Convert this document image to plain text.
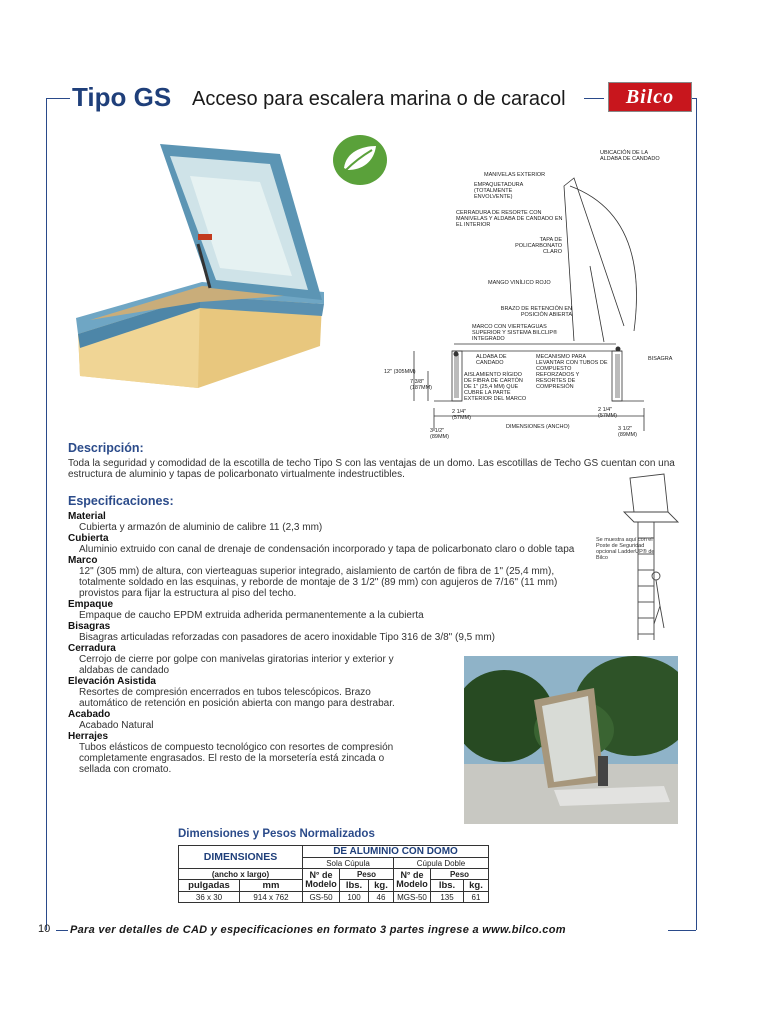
Tipo GS Acceso para escalera marina o de caracol	Bilco
UBICACIÓN DE LA ALDABA DE CANDADO
MANIVELAS EXTERIOR
EMPAQUETADURA (TOTALMENTE ENVOLVENTE)
CERRADURA DE RESORTE CON MANIVELAS Y ALDABA DE CANDADO EN EL INTERIOR
TAPA DE POLICARBONATO CLARO
MANGO VINÍLICO ROJO
BRAZO DE RETENCIÓN EN POSICIÓN ABIERTA
MARCO CON VIERTEAGUAS SUPERIOR Y SISTEMA BILCLIP® INTEGRADO
ALDABA DE CANDADO
AISLAMIENTO RÍGIDO DE FIBRA DE CARTÓN DE 1" (25,4 MM) QUE CUBRE LA PARTE EXTERIOR DEL MARCO
MECANISMO PARA LEVANTAR CON TUBOS DE COMPUESTO REFORZADOS Y RESORTES DE COMPRESIÓN
BISAGRA
12" (305MM)
7 3/8" (187MM)
2 1/4" (57MM)
2 1/4" (57MM)
3 1/2" (89MM)
3 1/2" (89MM)
DIMENSIONES (ANCHO)
Descripción:
Toda la seguridad y comodidad de la escotilla de techo Tipo S con las ventajas de un domo. Las escotillas de Techo GS cuentan con una estructura de aluminio y tapas de policarbonato virtualmente indestructibles.
Especificaciones:
Material
Cubierta y armazón de aluminio de calibre 11 (2,3 mm)
Cubierta
Aluminio extruido con canal de drenaje de condensación incorporado y tapa de policarbonato claro o doble tapa
Marco
12" (305 mm) de altura, con vierteaguas superior integrado, aislamiento de cartón de fibra de 1" (25,4 mm), totalmente soldado en las esquinas, y reborde de montaje de 3 1/2" (89 mm) con agujeros de 7/16" (11 mm) provistos para fijar la estructura al piso del techo.
Empaque
Empaque de caucho EPDM extruida adherida permanentemente a la cubierta
Bisagras
Bisagras articuladas reforzadas con pasadores de acero inoxidable Tipo 316 de 3/8" (9,5 mm)
Cerradura
Cerrojo de cierre por golpe con manivelas giratorias interior y exterior y aldabas de candado
Elevación Asistida
Resortes de compresión encerrados en tubos telescópicos. Brazo automático de retención en posición abierta con mango para destrabar.
Acabado
Acabado Natural
Herrajes
Tubos elásticos de compuesto tecnológico con resortes de compresión completamente engrasados. El resto de la morsetería está zincada o sellada con cromato.
Se muestra aquí con el Poste de Seguridad opcional LadderUP® de Bilco
Dimensiones y Pesos Normalizados
DIMENSIONES		DE ALUMINIO CON DOMO					
		Sola Cúpula			Cúpula Doble		
(ancho x largo)		N° de Modelo	Peso		N° de Modelo	Peso	
pulgadas	mm		lbs.	kg.		lbs.	kg.
36 x 30	914 x 762	GS-50	100	46	MGS-50	135	61
10 Para ver detalles de CAD y especificaciones en formato 3 partes ingrese a www.bilco.com
